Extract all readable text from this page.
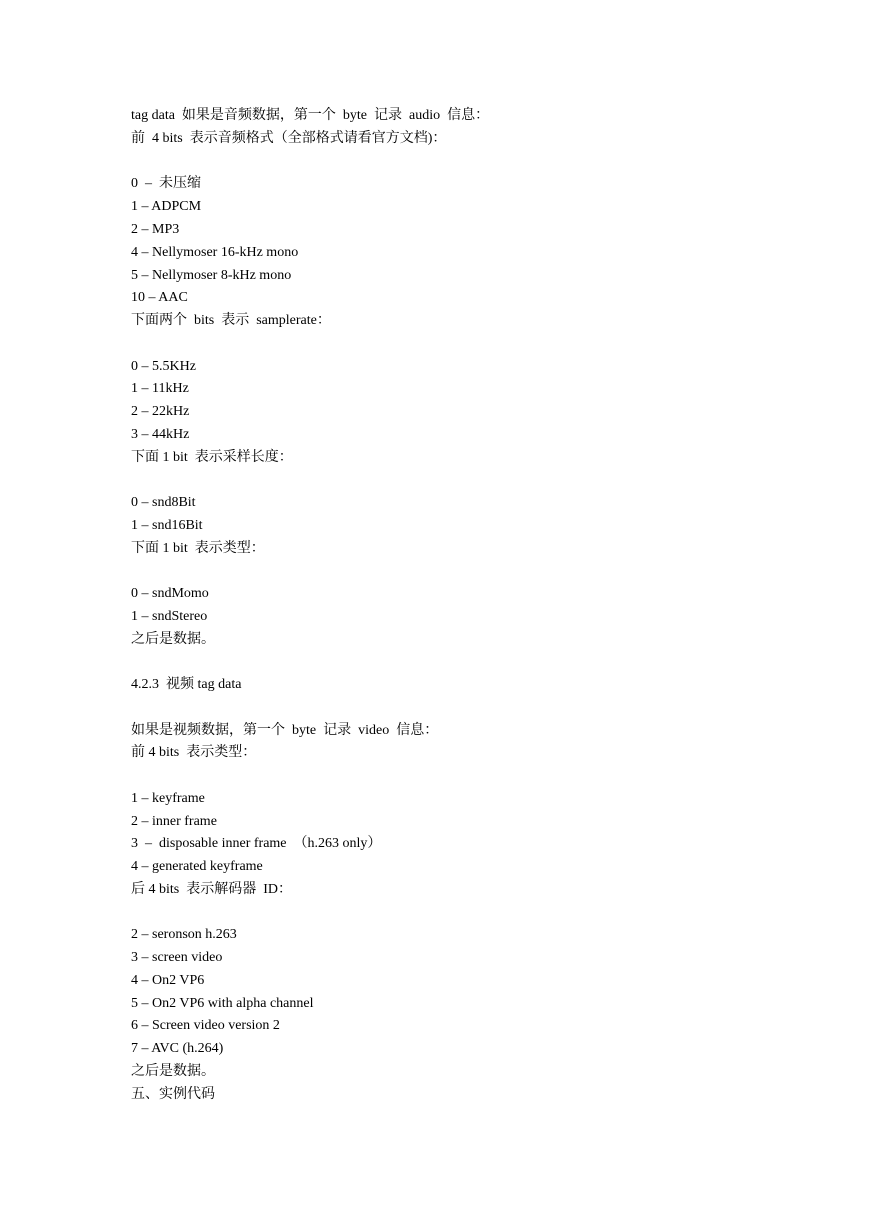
tag data  如果是音频数据，第一个  byte  记录  audio  信息：
前  4 bits  表示音频格式（全部格式请看官方文档)：
0  –  未压缩
1 – ADPCM
2 – MP3
4 – Nellymoser 16-kHz mono
5 – Nellymoser 8-kHz mono
10 – AAC
下面两个  bits  表示  samplerate：
0 – 5.5KHz
1 – 11kHz
2 – 22kHz
3 – 44kHz
下面 1 bit  表示采样长度：
0 – snd8Bit
1 – snd16Bit
下面 1 bit  表示类型：
0 – sndMomo
1 – sndStereo
之后是数据。
4.2.3  视频 tag data
如果是视频数据，第一个  byte  记录  video  信息：
前 4 bits  表示类型：
1 – keyframe
2 – inner frame
3  –  disposable inner frame  （h.263 only）
4 – generated keyframe
后 4 bits  表示解码器  ID：
2 – seronson h.263
3 – screen video
4 – On2 VP6
5 – On2 VP6 with alpha channel
6 – Screen video version 2
7 – AVC (h.264)
之后是数据。
五、实例代码
